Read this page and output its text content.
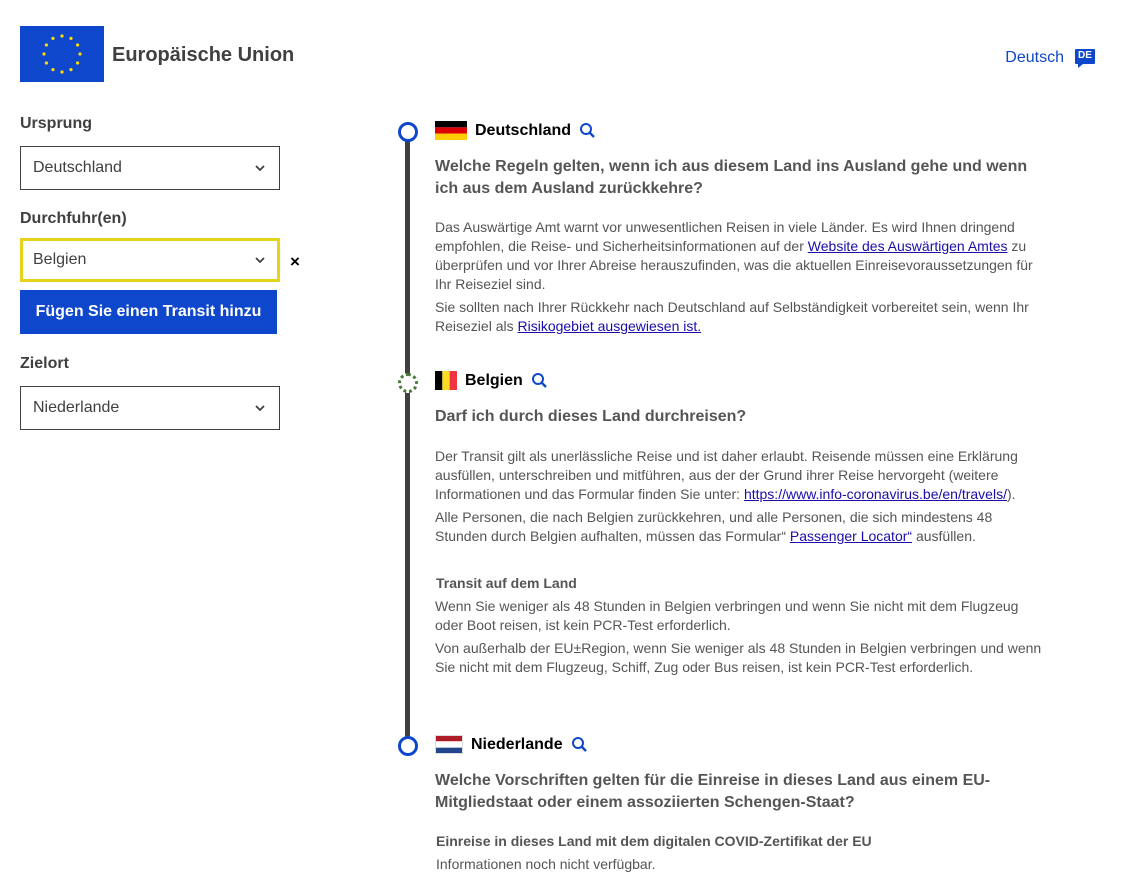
Europäische Union	Deutsch	DE
Ursprung
Deutschland
Durchfuhr(en)
Belgien	×
Fügen Sie einen Transit hinzu
Zielort
Niederlande
Deutschland
Welche Regeln gelten, wenn ich aus diesem Land ins Ausland gehe und wenn ich aus dem Ausland zurückkehre?

Das Auswärtige Amt warnt vor unwesentlichen Reisen in viele Länder. Es wird Ihnen dringend empfohlen, die Reise- und Sicherheitsinformationen auf der Website des Auswärtigen Amtes zu überprüfen und vor Ihrer Abreise herauszufinden, was die aktuellen Einreisevoraussetzungen für Ihr Reiseziel sind.

Sie sollten nach Ihrer Rückkehr nach Deutschland auf Selbständigkeit vorbereitet sein, wenn Ihr Reiseziel als Risikogebiet ausgewiesen ist.

Belgien
Darf ich durch dieses Land durchreisen?

Der Transit gilt als unerlässliche Reise und ist daher erlaubt. Reisende müssen eine Erklärung ausfüllen, unterschreiben und mitführen, aus der der Grund ihrer Reise hervorgeht (weitere Informationen und das Formular finden Sie unter: https://www.info-coronavirus.be/en/travels/).

Alle Personen, die nach Belgien zurückkehren, und alle Personen, die sich mindestens 48 Stunden durch Belgien aufhalten, müssen das Formular“ Passenger Locator“ ausfüllen.

Transit auf dem Land

Wenn Sie weniger als 48 Stunden in Belgien verbringen und wenn Sie nicht mit dem Flugzeug oder Boot reisen, ist kein PCR-Test erforderlich.

Von außerhalb der EU±Region, wenn Sie weniger als 48 Stunden in Belgien verbringen und wenn Sie nicht mit dem Flugzeug, Schiff, Zug oder Bus reisen, ist kein PCR-Test erforderlich.

Niederlande
Welche Vorschriften gelten für die Einreise in dieses Land aus einem EU-Mitgliedstaat oder einem assoziierten Schengen-Staat?
Einreise in dieses Land mit dem digitalen COVID-Zertifikat der EU
Informationen noch nicht verfügbar.
